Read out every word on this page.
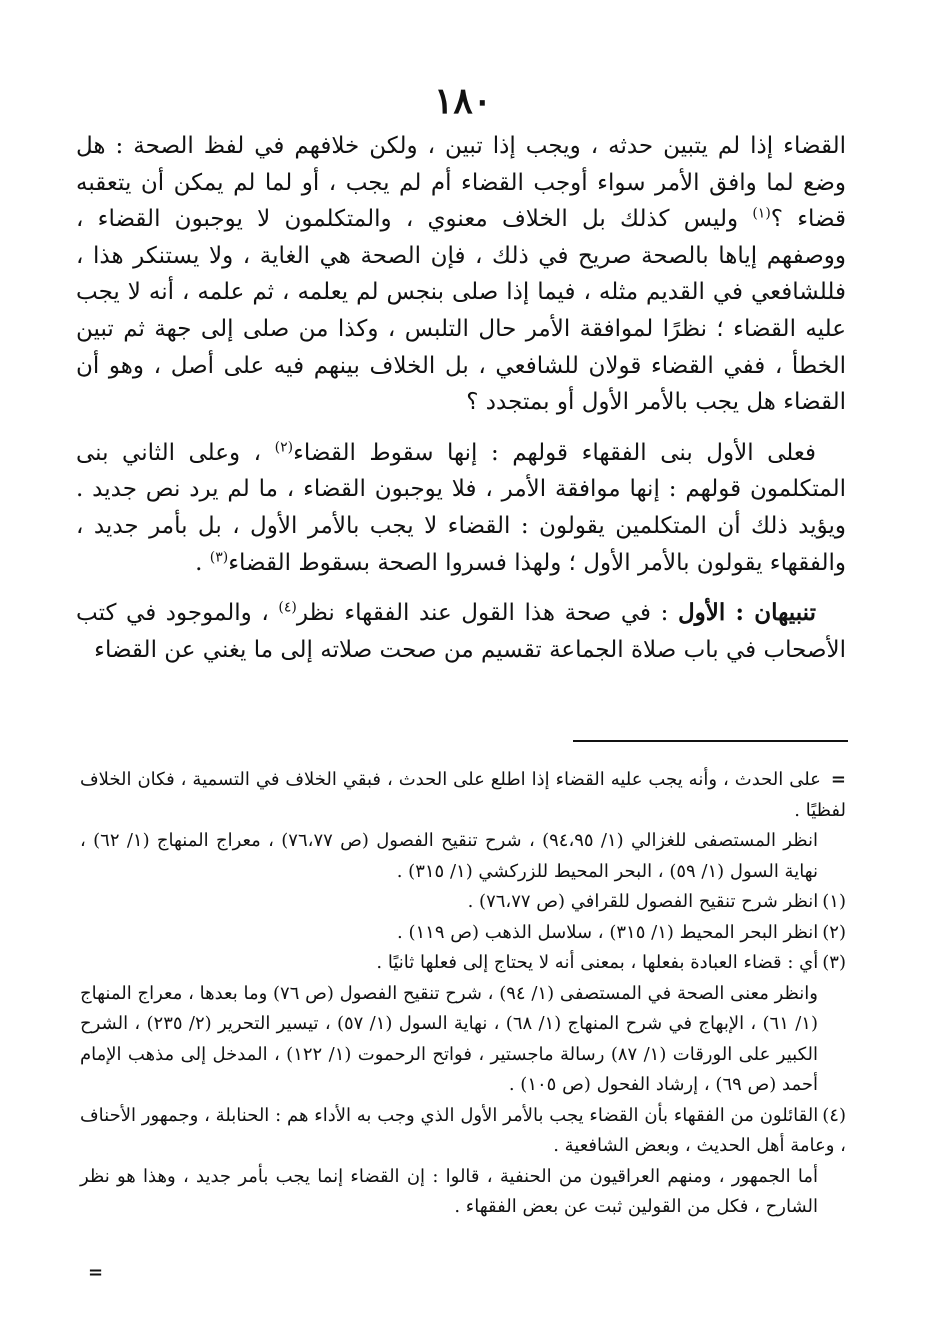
١٨٠

القضاء إذا لم يتبين حدثه ، ويجب إذا تبين ، ولكن خلافهم في لفظ الصحة : هل وضع لما وافق الأمر سواء أوجب القضاء أم لم يجب ، أو لما لم يمكن أن يتعقبه قضاء ؟$^{(١)}$ وليس كذلك بل الخلاف معنوي ، والمتكلمون لا يوجبون القضاء ، ووصفهم إياها بالصحة صريح في ذلك ، فإن الصحة هي الغاية ، ولا يستنكر هذا ، فللشافعي في القديم مثله ، فيما إذا صلى بنجس لم يعلمه ، ثم علمه ، أنه لا يجب عليه القضاء ؛ نظرًا لموافقة الأمر حال التلبس ، وكذا من صلى إلى جهة ثم تبين الخطأ ، ففي القضاء قولان للشافعي ، بل الخلاف بينهم فيه على أصل ، وهو أن القضاء هل يجب بالأمر الأول أو بمتجدد ؟

فعلى الأول بنى الفقهاء قولهم : إنها سقوط القضاء$^{(٢)}$ ، وعلى الثاني بنى المتكلمون قولهم : إنها موافقة الأمر ، فلا يوجبون القضاء ، ما لم يرد نص جديد . ويؤيد ذلك أن المتكلمين يقولون : القضاء لا يجب بالأمر الأول ، بل بأمر جديد ، والفقهاء يقولون بالأمر الأول ؛ ولهذا فسروا الصحة بسقوط القضاء$^{(٣)}$ .

تنبيهان : الأول : في صحة هذا القول عند الفقهاء نظر$^{(٤)}$ ، والموجود في كتب الأصحاب في باب صلاة الجماعة تقسيم من صحت صلاته إلى ما يغني عن القضاء

=على الحدث ، وأنه يجب عليه القضاء إذا اطلع على الحدث ، فبقي الخلاف في التسمية ، فكان الخلاف لفظيًا .

انظر المستصفى للغزالي (١/ ٩٤،٩٥) ، شرح تنقيح الفصول (ص ٧٦،٧٧) ، معراج المنهاج (١/ ٦٢) ، نهاية السول (١/ ٥٩) ، البحر المحيط للزركشي (١/ ٣١٥) .

(١)انظر شرح تنقيح الفصول للقرافي (ص ٧٦،٧٧) .

(٢)انظر البحر المحيط (١/ ٣١٥) ، سلاسل الذهب (ص ١١٩) .

(٣)أي : قضاء العبادة بفعلها ، بمعنى أنه لا يحتاج إلى فعلها ثانيًا .

وانظر معنى الصحة في المستصفى (١/ ٩٤) ، شرح تنقيح الفصول (ص ٧٦) وما بعدها ، معراج المنهاج (١/ ٦١) ، الإبهاج في شرح المنهاج (١/ ٦٨) ، نهاية السول (١/ ٥٧) ، تيسير التحرير (٢/ ٢٣٥) ، الشرح الكبير على الورقات (١/ ٨٧) رسالة ماجستير ، فواتح الرحموت (١/ ١٢٢) ، المدخل إلى مذهب الإمام أحمد (ص ٦٩) ، إرشاد الفحول (ص ١٠٥) .

(٤)القائلون من الفقهاء بأن القضاء يجب بالأمر الأول الذي وجب به الأداء هم : الحنابلة ، وجمهور الأحناف ، وعامة أهل الحديث ، وبعض الشافعية .

أما الجمهور ، ومنهم العراقيون من الحنفية ، قالوا : إن القضاء إنما يجب بأمر جديد ، وهذا هو نظر الشارح ، فكل من القولين ثبت عن بعض الفقهاء .

=
